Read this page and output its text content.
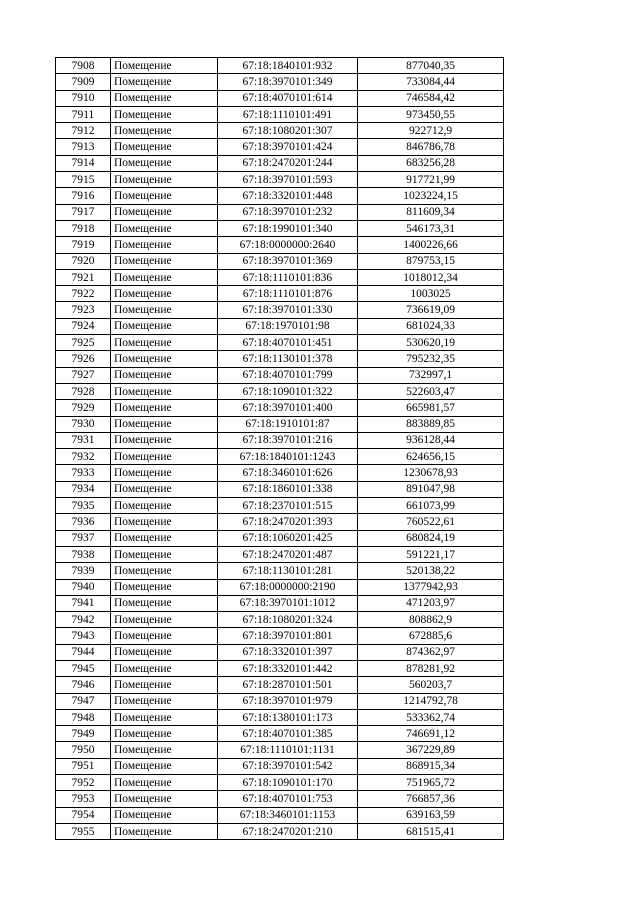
7908	Помещение	67:18:1840101:932	877040,35
7909	Помещение	67:18:3970101:349	733084,44
7910	Помещение	67:18:4070101:614	746584,42
7911	Помещение	67:18:1110101:491	973450,55
7912	Помещение	67:18:1080201:307	922712,9
7913	Помещение	67:18:3970101:424	846786,78
7914	Помещение	67:18:2470201:244	683256,28
7915	Помещение	67:18:3970101:593	917721,99
7916	Помещение	67:18:3320101:448	1023224,15
7917	Помещение	67:18:3970101:232	811609,34
7918	Помещение	67:18:1990101:340	546173,31
7919	Помещение	67:18:0000000:2640	1400226,66
7920	Помещение	67:18:3970101:369	879753,15
7921	Помещение	67:18:1110101:836	1018012,34
7922	Помещение	67:18:1110101:876	1003025
7923	Помещение	67:18:3970101:330	736619,09
7924	Помещение	67:18:1970101:98	681024,33
7925	Помещение	67:18:4070101:451	530620,19
7926	Помещение	67:18:1130101:378	795232,35
7927	Помещение	67:18:4070101:799	732997,1
7928	Помещение	67:18:1090101:322	522603,47
7929	Помещение	67:18:3970101:400	665981,57
7930	Помещение	67:18:1910101:87	883889,85
7931	Помещение	67:18:3970101:216	936128,44
7932	Помещение	67:18:1840101:1243	624656,15
7933	Помещение	67:18:3460101:626	1230678,93
7934	Помещение	67:18:1860101:338	891047,98
7935	Помещение	67:18:2370101:515	661073,99
7936	Помещение	67:18:2470201:393	760522,61
7937	Помещение	67:18:1060201:425	680824,19
7938	Помещение	67:18:2470201:487	591221,17
7939	Помещение	67:18:1130101:281	520138,22
7940	Помещение	67:18:0000000:2190	1377942,93
7941	Помещение	67:18:3970101:1012	471203,97
7942	Помещение	67:18:1080201:324	808862,9
7943	Помещение	67:18:3970101:801	672885,6
7944	Помещение	67:18:3320101:397	874362,97
7945	Помещение	67:18:3320101:442	878281,92
7946	Помещение	67:18:2870101:501	560203,7
7947	Помещение	67:18:3970101:979	1214792,78
7948	Помещение	67:18:1380101:173	533362,74
7949	Помещение	67:18:4070101:385	746691,12
7950	Помещение	67:18:1110101:1131	367229,89
7951	Помещение	67:18:3970101:542	868915,34
7952	Помещение	67:18:1090101:170	751965,72
7953	Помещение	67:18:4070101:753	766857,36
7954	Помещение	67:18:3460101:1153	639163,59
7955	Помещение	67:18:2470201:210	681515,41
